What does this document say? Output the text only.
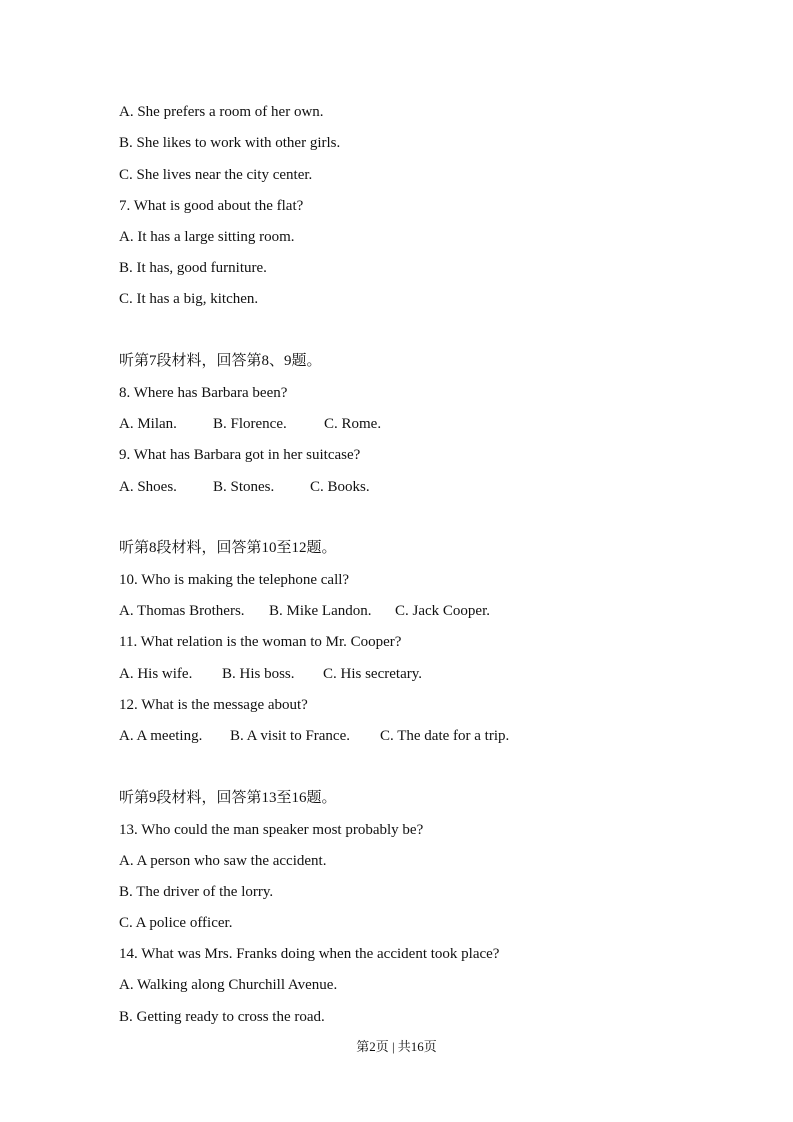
A. She prefers a room of her own.
B. She likes to work with other girls.
C. She lives near the city center.
7. What is good about the flat?
A. It has a large sitting room.
B. It has, good furniture.
C. It has a big, kitchen.
听第7段材料，回答第8、9题。
8. Where has Barbara been?
A. Milan. B. Florence. C. Rome.
9. What has Barbara got in her suitcase?
A. Shoes. B. Stones. C. Books.
听第8段材料，回答第10至12题。
10. Who is making the telephone call?
A. Thomas Brothers. B. Mike Landon. C. Jack Cooper.
11. What relation is the woman to Mr. Cooper?
A. His wife. B. His boss. C. His secretary.
12. What is the message about?
A. A meeting. B. A visit to France. C. The date for a trip.
听第9段材料，回答第13至16题。
13. Who could the man speaker most probably be?
A. A person who saw the accident.
B. The driver of the lorry.
C. A police officer.
14. What was Mrs. Franks doing when the accident took place?
A. Walking along Churchill Avenue.
B. Getting ready to cross the road.
第2页 | 共16页
